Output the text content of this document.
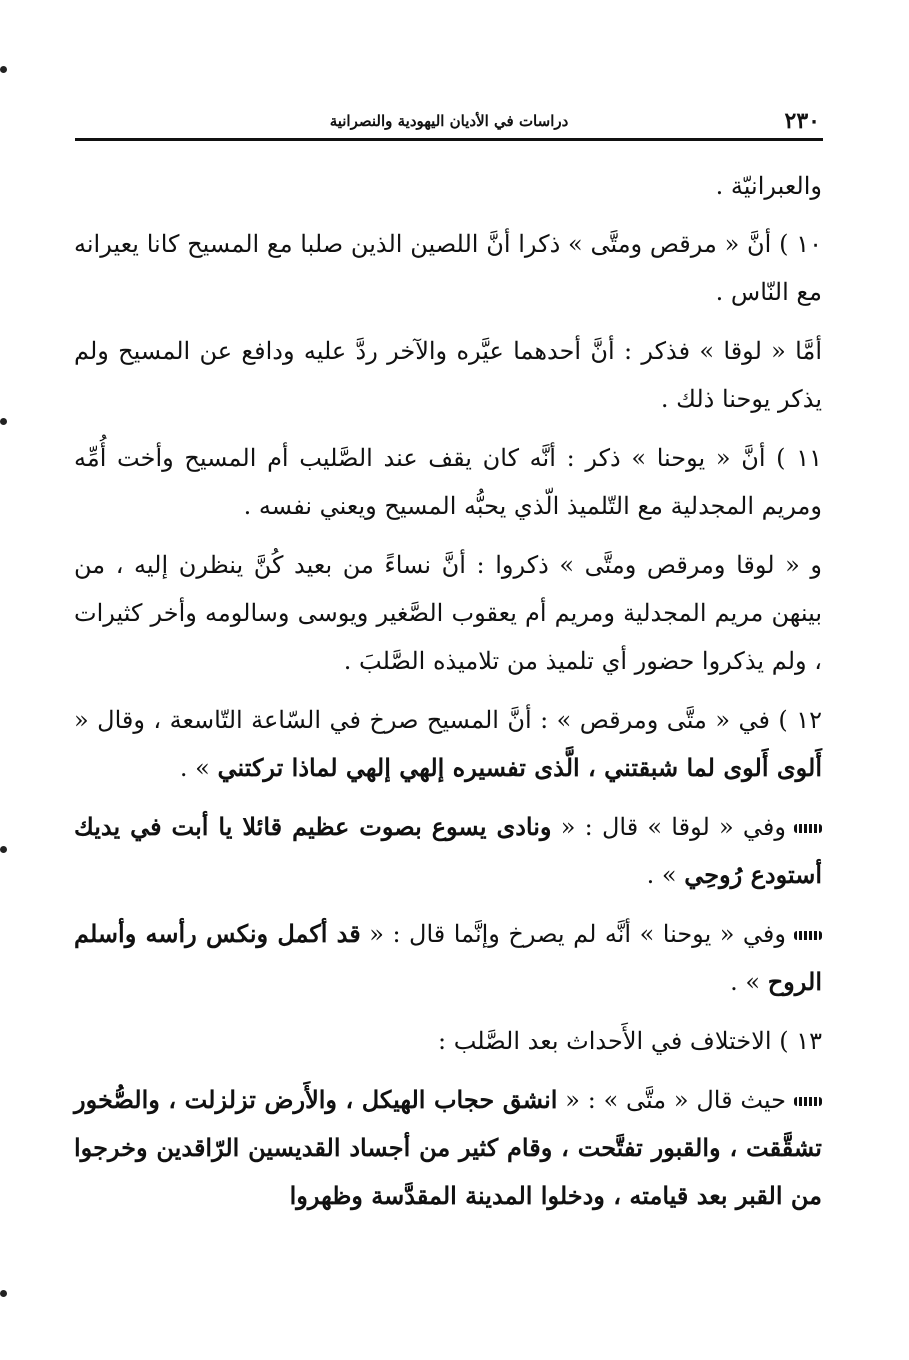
٢٣٠
دراسات في الأديان اليهودية والنصرانية

والعبرانيّة .

١٠ ) أنَّ « مرقص ومتَّى » ذكرا أنَّ اللصين الذين صلبا مع المسيح كانا يعيرانه مع النّاس .

أمَّا « لوقا » فذكر : أنَّ أحدهما عيَّره والآخر ردَّ عليه ودافع عن المسيح ولم يذكر يوحنا ذلك .

١١ ) أنَّ « يوحنا » ذكر : أنَّه كان يقف عند الصَّليب أم المسيح وأخت أُمِّه ومريم المجدلية مع التّلميذ الّذي يحبُّه المسيح ويعني نفسه .

و « لوقا ومرقص ومتَّى » ذكروا : أنَّ نساءً من بعيد كُنَّ ينظرن إليه ، من بينهن مريم المجدلية ومريم أم يعقوب الصَّغير ويوسى وسالومه وأخر كثيرات ، ولم يذكروا حضور أي تلميذ من تلاميذه الصَّلبَ .

١٢ ) في « متَّى ومرقص » : أنَّ المسيح صرخ في السّاعة التّاسعة ، وقال « أَلوى أَلوى لما شبقتني ، الَّذى تفسيره إلهي إلهي لماذا تركتني » .

وفي « لوقا » قال : « ونادى يسوع بصوت عظيم قائلا يا أبت في يديك أستودع رُوحِي » .

وفي « يوحنا » أنَّه لم يصرخ وإنَّما قال : « قد أكمل ونكس رأسه وأسلم الروح » .

١٣ ) الاختلاف في الأَحداث بعد الصَّلب :

حيث قال « متَّى » : « انشق حجاب الهيكل ، والأَرض تزلزلت ، والصُّخور تشقَّقت ، والقبور تفتَّحت ، وقام كثير من أجساد القديسين الرّاقدين وخرجوا من القبر بعد قيامته ، ودخلوا المدينة المقدَّسة وظهروا
